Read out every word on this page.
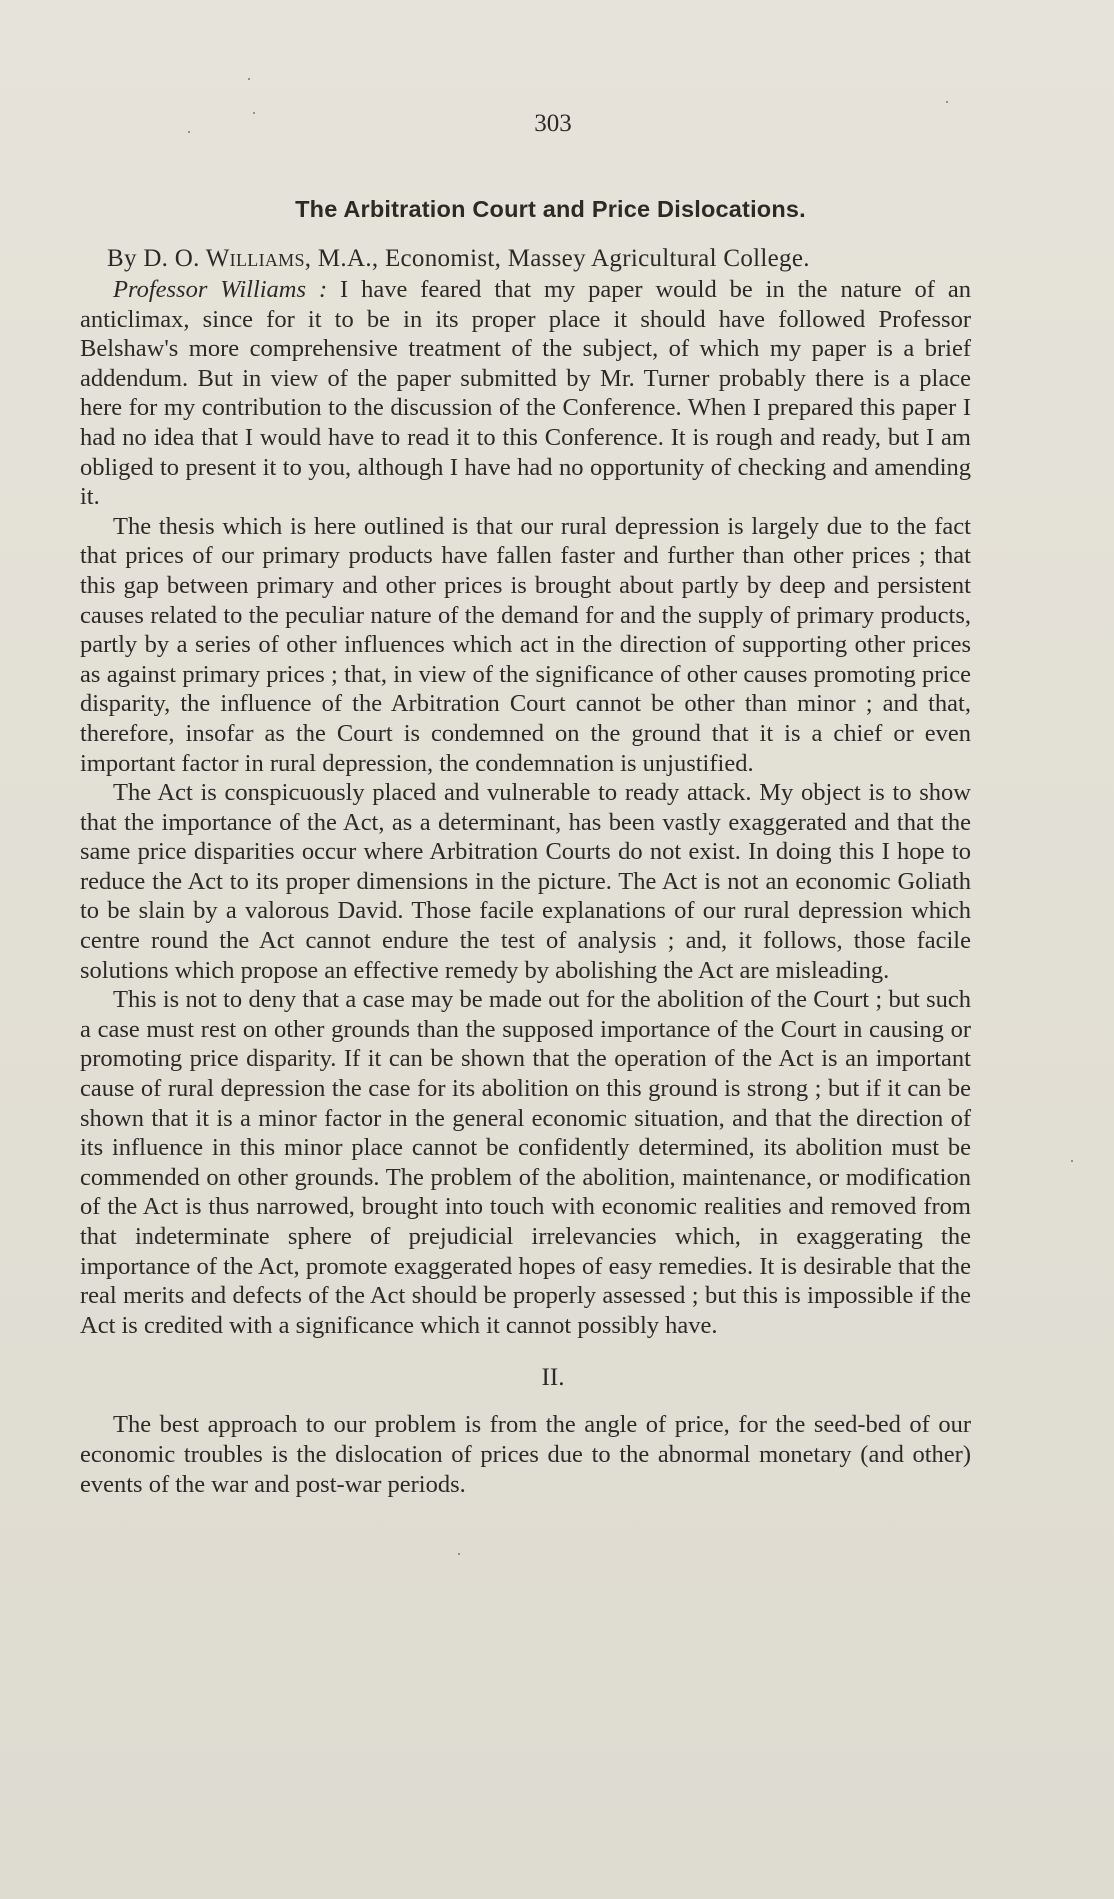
303
The Arbitration Court and Price Dislocations.
By D. O. Williams, M.A., Economist, Massey Agricultural College.

Professor Williams : I have feared that my paper would be in the nature of an anticlimax, since for it to be in its proper place it should have followed Professor Belshaw's more comprehensive treatment of the subject, of which my paper is a brief addendum. But in view of the paper submitted by Mr. Turner probably there is a place here for my contribution to the discussion of the Conference. When I prepared this paper I had no idea that I would have to read it to this Conference. It is rough and ready, but I am obliged to present it to you, although I have had no opportunity of checking and amending it.

The thesis which is here outlined is that our rural depression is largely due to the fact that prices of our primary products have fallen faster and further than other prices ; that this gap between primary and other prices is brought about partly by deep and persistent causes related to the peculiar nature of the demand for and the supply of primary products, partly by a series of other influences which act in the direction of supporting other prices as against primary prices ; that, in view of the significance of other causes promoting price disparity, the influence of the Arbitration Court cannot be other than minor ; and that, therefore, insofar as the Court is condemned on the ground that it is a chief or even important factor in rural depression, the condemnation is unjustified.

The Act is conspicuously placed and vulnerable to ready attack. My object is to show that the importance of the Act, as a determinant, has been vastly exaggerated and that the same price disparities occur where Arbitration Courts do not exist. In doing this I hope to reduce the Act to its proper dimensions in the picture. The Act is not an economic Goliath to be slain by a valorous David. Those facile explanations of our rural depression which centre round the Act cannot endure the test of analysis ; and, it follows, those facile solutions which propose an effective remedy by abolishing the Act are misleading.

This is not to deny that a case may be made out for the abolition of the Court ; but such a case must rest on other grounds than the supposed importance of the Court in causing or promoting price disparity. If it can be shown that the operation of the Act is an important cause of rural depression the case for its abolition on this ground is strong ; but if it can be shown that it is a minor factor in the general economic situation, and that the direction of its influence in this minor place cannot be confidently determined, its abolition must be commended on other grounds. The problem of the abolition, maintenance, or modification of the Act is thus narrowed, brought into touch with economic realities and removed from that indeterminate sphere of prejudicial irrelevancies which, in exaggerating the importance of the Act, promote exaggerated hopes of easy remedies. It is desirable that the real merits and defects of the Act should be properly assessed ; but this is impossible if the Act is credited with a significance which it cannot possibly have.

II.

The best approach to our problem is from the angle of price, for the seed-bed of our economic troubles is the dislocation of prices due to the abnormal monetary (and other) events of the war and post-war periods.
